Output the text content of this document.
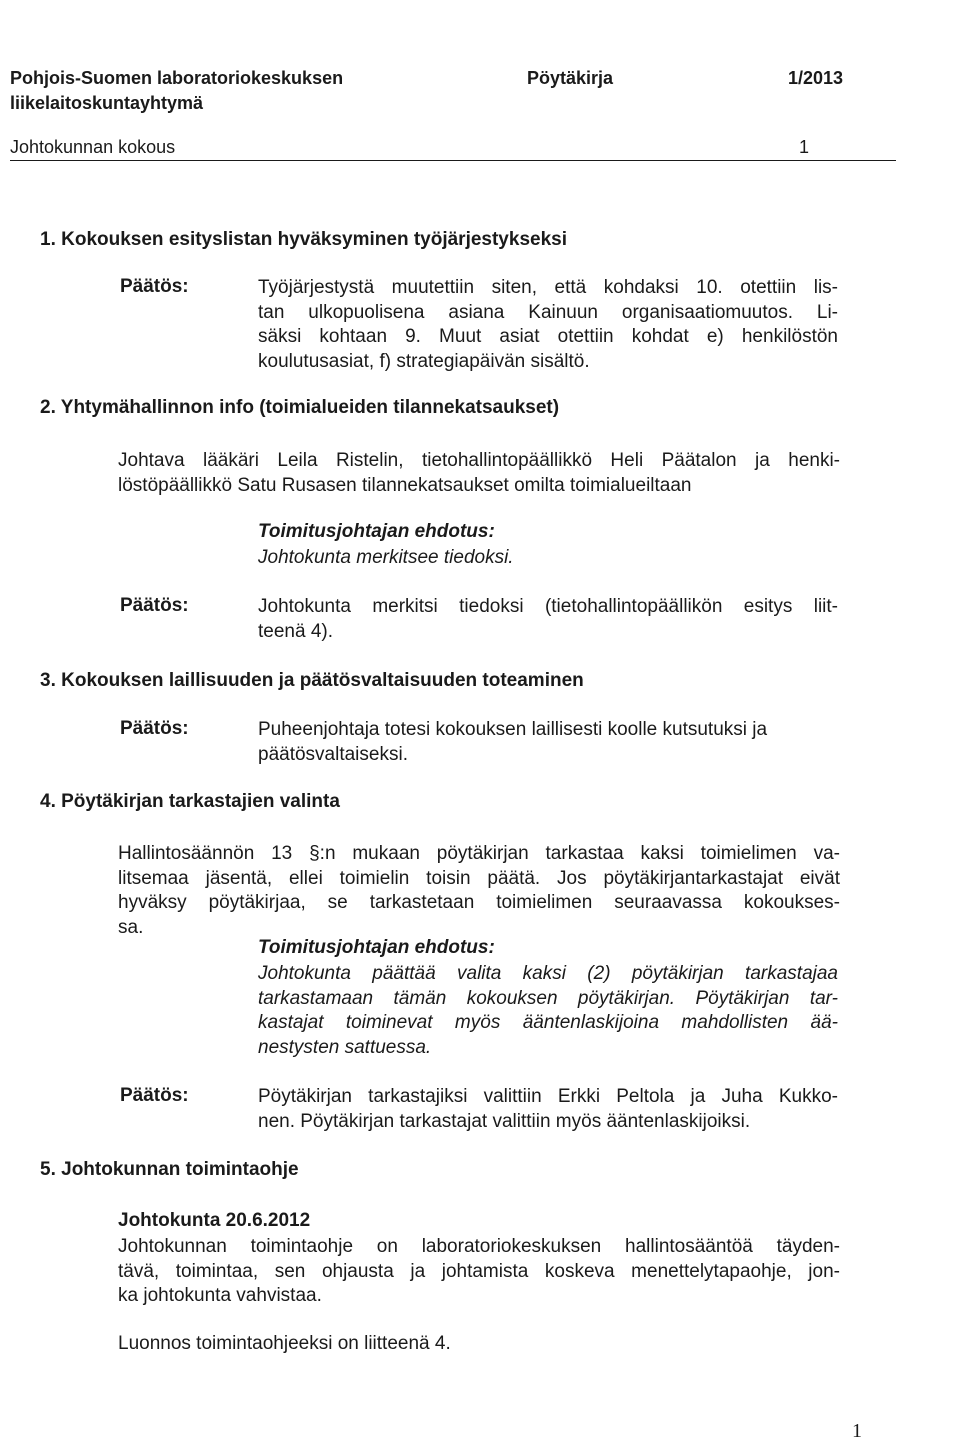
Pohjois-Suomen laboratoriokeskuksen
liikelaitoskuntayhtymä
Pöytäkirja	1/2013
Johtokunnan kokous	1
1. Kokouksen esityslistan hyväksyminen työjärjestykseksi
Päätös:	Työjärjestystä muutettiin siten, että kohdaksi 10. otettiin lis-
tan ulkopuolisena asiana Kainuun organisaatiomuutos. Li-
säksi kohtaan 9. Muut asiat otettiin kohdat e) henkilöstön
koulutusasiat, f) strategiapäivän sisältö.
2. Yhtymähallinnon info (toimialueiden tilannekatsaukset)
Johtava lääkäri Leila Ristelin, tietohallintopäällikkö Heli Päätalon ja henki-
löstöpäällikkö Satu Rusasen tilannekatsaukset omilta toimialueiltaan
Toimitusjohtajan ehdotus:
Johtokunta merkitsee tiedoksi.
Päätös:	Johtokunta merkitsi tiedoksi (tietohallintopäällikön esitys liit-
teenä 4).
3. Kokouksen laillisuuden ja päätösvaltaisuuden toteaminen
Päätös:	Puheenjohtaja totesi kokouksen laillisesti koolle kutsutuksi ja
päätösvaltaiseksi.
4. Pöytäkirjan tarkastajien valinta
Hallintosäännön 13 §:n mukaan pöytäkirjan tarkastaa kaksi toimielimen va-
litsemaa jäsentä, ellei toimielin toisin päätä. Jos pöytäkirjantarkastajat eivät
hyväksy pöytäkirjaa, se tarkastetaan toimielimen seuraavassa kokoukses-
sa.
Toimitusjohtajan ehdotus:
Johtokunta päättää valita kaksi (2) pöytäkirjan tarkastajaa
tarkastamaan tämän kokouksen pöytäkirjan. Pöytäkirjan tar-
kastajat toiminevat myös ääntenlaskijoina mahdollisten ää-
nestysten sattuessa.
Päätös:	Pöytäkirjan tarkastajiksi valittiin Erkki Peltola ja Juha Kukko-
nen. Pöytäkirjan tarkastajat valittiin myös ääntenlaskijoiksi.
5. Johtokunnan toimintaohje
Johtokunta 20.6.2012
Johtokunnan toimintaohje on laboratoriokeskuksen hallintosääntöä täyden-
tävä, toimintaa, sen ohjausta ja johtamista koskeva menettelytapaohje, jon-
ka johtokunta vahvistaa.
Luonnos toimintaohjeeksi on liitteenä 4.
1
